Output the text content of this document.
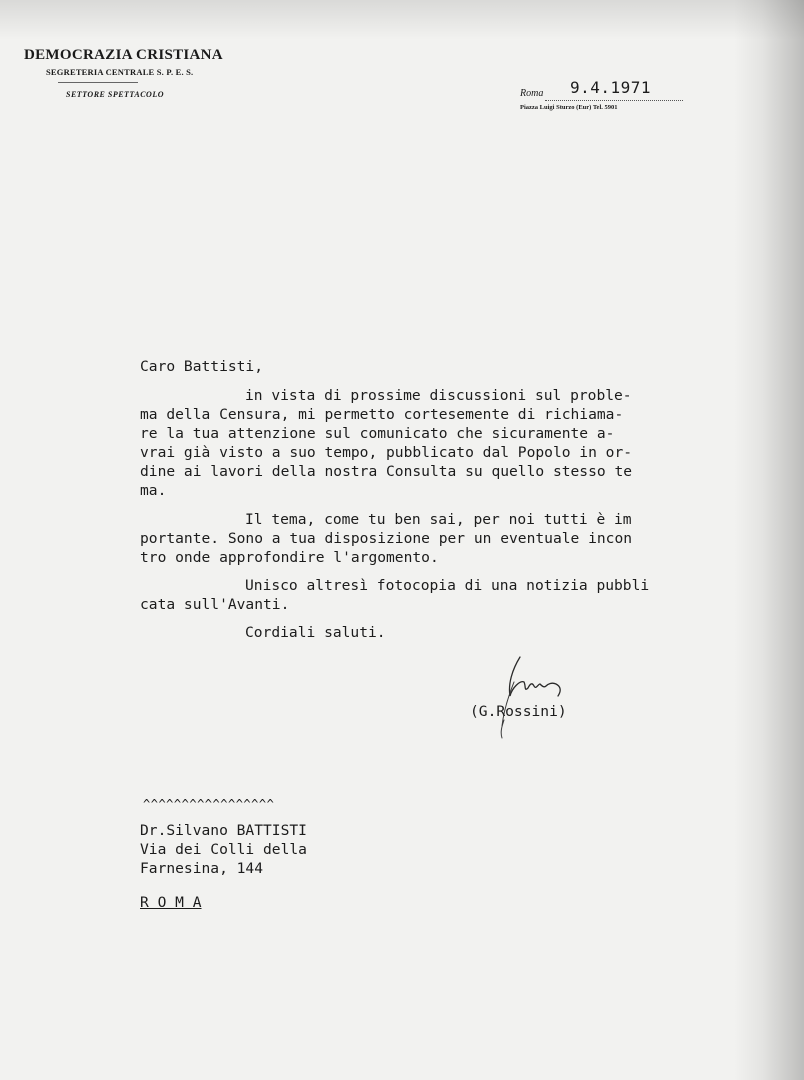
DEMOCRAZIA CRISTIANA
SEGRETERIA CENTRALE S. P. E. S.
SETTORE SPETTACOLO	Roma 9.4.1971
Piazza Luigi Sturzo (Eur) Tel. 5901
Caro Battisti,
in vista di prossime discussioni sul proble-
ma della Censura, mi permetto cortesemente di richiama-
re la tua attenzione sul comunicato che sicuramente a-
vrai già visto a suo tempo, pubblicato dal Popolo in or-
dine ai lavori della nostra Consulta su quello stesso te
ma.
Il tema, come tu ben sai, per noi tutti è im
portante. Sono a tua disposizione per un eventuale incon
tro onde approfondire l'argomento.
Unisco altresì fotocopia di una notizia pubbli
cata sull'Avanti.
Cordiali saluti.
(G.Rossini)
^^^^^^^^^^^^^^^^^
Dr.Silvano BATTISTI
Via dei Colli della
Farnesina, 144
R O M A
